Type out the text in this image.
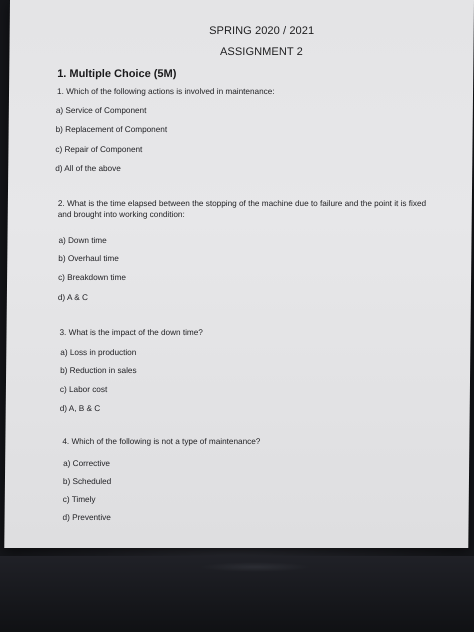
SPRING 2020 / 2021
ASSIGNMENT 2
1. Multiple Choice (5M)
1. Which of the following actions is involved in maintenance:
a) Service of Component
b) Replacement of Component
c) Repair of Component
d) All of the above
2. What is the time elapsed between the stopping of the machine due to failure and the point it is fixed and brought into working condition:
a) Down time
b) Overhaul time
c) Breakdown time
d) A & C
3. What is the impact of the down time?
a) Loss in production
b) Reduction in sales
c) Labor cost
d) A, B & C
4. Which of the following is not a type of maintenance?
a) Corrective
b) Scheduled
c) Timely
d) Preventive
